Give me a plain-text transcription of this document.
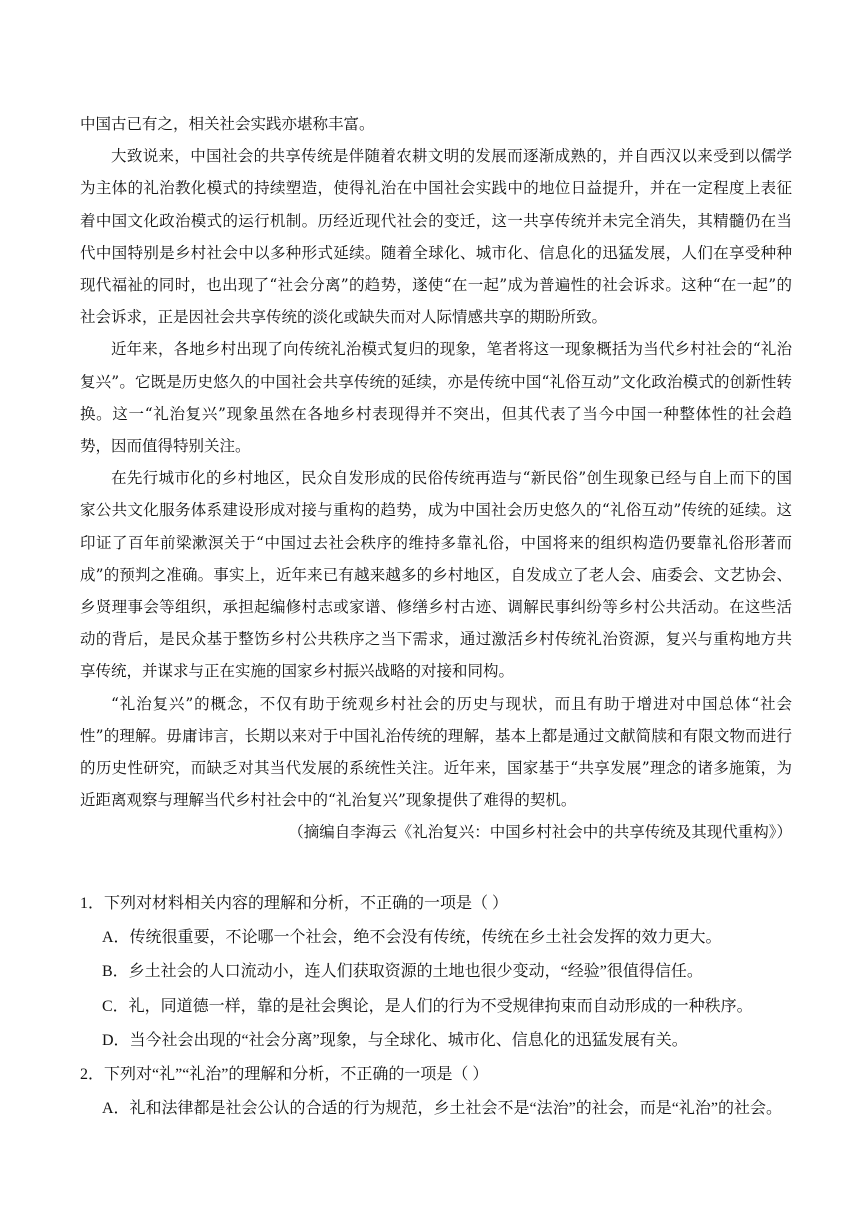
中国古已有之，相关社会实践亦堪称丰富。

大致说来，中国社会的共享传统是伴随着农耕文明的发展而逐渐成熟的，并自西汉以来受到以儒学为主体的礼治教化模式的持续塑造，使得礼治在中国社会实践中的地位日益提升，并在一定程度上表征着中国文化政治模式的运行机制。历经近现代社会的变迁，这一共享传统并未完全消失，其精髓仍在当代中国特别是乡村社会中以多种形式延续。随着全球化、城市化、信息化的迅猛发展，人们在享受种种现代福祉的同时，也出现了“社会分离”的趋势，遂使“在一起”成为普遍性的社会诉求。这种“在一起”的社会诉求，正是因社会共享传统的淡化或缺失而对人际情感共享的期盼所致。

近年来，各地乡村出现了向传统礼治模式复归的现象，笔者将这一现象概括为当代乡村社会的“礼治复兴”。它既是历史悠久的中国社会共享传统的延续，亦是传统中国“礼俗互动”文化政治模式的创新性转换。这一“礼治复兴”现象虽然在各地乡村表现得并不突出，但其代表了当今中国一种整体性的社会趋势，因而值得特别关注。

在先行城市化的乡村地区，民众自发形成的民俗传统再造与“新民俗”创生现象已经与自上而下的国家公共文化服务体系建设形成对接与重构的趋势，成为中国社会历史悠久的“礼俗互动”传统的延续。这印证了百年前梁漱溟关于“中国过去社会秩序的维持多靠礼俗，中国将来的组织构造仍要靠礼俗形著而成”的预判之准确。事实上，近年来已有越来越多的乡村地区，自发成立了老人会、庙委会、文艺协会、乡贤理事会等组织，承担起编修村志或家谱、修缮乡村古迹、调解民事纠纷等乡村公共活动。在这些活动的背后，是民众基于整饬乡村公共秩序之当下需求，通过激活乡村传统礼治资源，复兴与重构地方共享传统，并谋求与正在实施的国家乡村振兴战略的对接和同构。

“礼治复兴”的概念，不仅有助于统观乡村社会的历史与现状，而且有助于增进对中国总体“社会性”的理解。毋庸讳言，长期以来对于中国礼治传统的理解，基本上都是通过文献简牍和有限文物而进行的历史性研究，而缺乏对其当代发展的系统性关注。近年来，国家基于“共享发展”理念的诸多施策，为近距离观察与理解当代乡村社会中的“礼治复兴”现象提供了难得的契机。

（摘编自李海云《礼治复兴：中国乡村社会中的共享传统及其现代重构》）

1．下列对材料相关内容的理解和分析，不正确的一项是（ ）

A．传统很重要，不论哪一个社会，绝不会没有传统，传统在乡土社会发挥的效力更大。

B．乡土社会的人口流动小，连人们获取资源的土地也很少变动，“经验”很值得信任。

C．礼，同道德一样，靠的是社会舆论，是人们的行为不受规律拘束而自动形成的一种秩序。

D．当今社会出现的“社会分离”现象，与全球化、城市化、信息化的迅猛发展有关。

2．下列对“礼”“礼治”的理解和分析，不正确的一项是（ ）

A．礼和法律都是社会公认的合适的行为规范，乡土社会不是“法治”的社会，而是“礼治”的社会。
